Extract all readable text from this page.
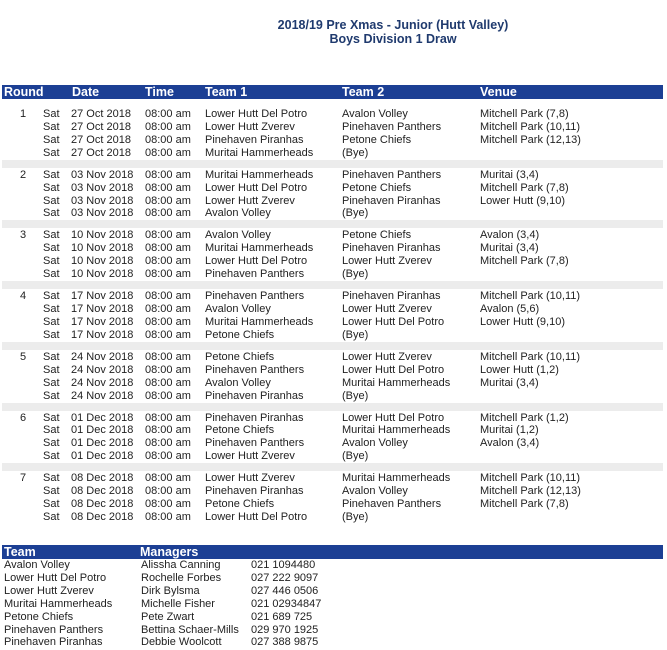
2018/19 Pre Xmas - Junior (Hutt Valley)
Boys Division 1 Draw
Round Date	Time Team 1	Team 2	Venue
1 Sat 27 Oct 2018 08:00 am Lower Hutt Del Potro	Avalon Volley	Mitchell Park (7,8)
Sat 27 Oct 2018 08:00 am Lower Hutt Zverev	Pinehaven Panthers	Mitchell Park (10,11)
Sat 27 Oct 2018 08:00 am Pinehaven Piranhas	Petone Chiefs	Mitchell Park (12,13)
Sat 27 Oct 2018 08:00 am Muritai Hammerheads	(Bye)
2 Sat 03 Nov 2018 08:00 am Muritai Hammerheads	Pinehaven Panthers	Muritai (3,4)
Sat 03 Nov 2018 08:00 am Lower Hutt Del Potro	Petone Chiefs	Mitchell Park (7,8)
Sat 03 Nov 2018 08:00 am Lower Hutt Zverev	Pinehaven Piranhas	Lower Hutt (9,10)
Sat 03 Nov 2018 08:00 am Avalon Volley	(Bye)
3 Sat 10 Nov 2018 08:00 am Avalon Volley	Petone Chiefs	Avalon (3,4)
Sat 10 Nov 2018 08:00 am Muritai Hammerheads	Pinehaven Piranhas	Muritai (3,4)
Sat 10 Nov 2018 08:00 am Lower Hutt Del Potro	Lower Hutt Zverev	Mitchell Park (7,8)
Sat 10 Nov 2018 08:00 am Pinehaven Panthers	(Bye)
4 Sat 17 Nov 2018 08:00 am Pinehaven Panthers	Pinehaven Piranhas	Mitchell Park (10,11)
Sat 17 Nov 2018 08:00 am Avalon Volley	Lower Hutt Zverev	Avalon (5,6)
Sat 17 Nov 2018 08:00 am Muritai Hammerheads	Lower Hutt Del Potro	Lower Hutt (9,10)
Sat 17 Nov 2018 08:00 am Petone Chiefs	(Bye)
5 Sat 24 Nov 2018 08:00 am Petone Chiefs	Lower Hutt Zverev	Mitchell Park (10,11)
Sat 24 Nov 2018 08:00 am Pinehaven Panthers	Lower Hutt Del Potro	Lower Hutt (1,2)
Sat 24 Nov 2018 08:00 am Avalon Volley	Muritai Hammerheads	Muritai (3,4)
Sat 24 Nov 2018 08:00 am Pinehaven Piranhas	(Bye)
6 Sat 01 Dec 2018 08:00 am Pinehaven Piranhas	Lower Hutt Del Potro	Mitchell Park (1,2)
Sat 01 Dec 2018 08:00 am Petone Chiefs	Muritai Hammerheads	Muritai (1,2)
Sat 01 Dec 2018 08:00 am Pinehaven Panthers	Avalon Volley	Avalon (3,4)
Sat 01 Dec 2018 08:00 am Lower Hutt Zverev	(Bye)
7 Sat 08 Dec 2018 08:00 am Lower Hutt Zverev	Muritai Hammerheads	Mitchell Park (10,11)
Sat 08 Dec 2018 08:00 am Pinehaven Piranhas	Avalon Volley	Mitchell Park (12,13)
Sat 08 Dec 2018 08:00 am Petone Chiefs	Pinehaven Panthers	Mitchell Park (7,8)
Sat 08 Dec 2018 08:00 am Lower Hutt Del Potro	(Bye)
Team	Managers
Avalon Volley	Alissha Canning	021 1094480
Lower Hutt Del Potro	Rochelle Forbes	027 222 9097
Lower Hutt Zverev	Dirk Bylsma	027 446 0506
Muritai Hammerheads	Michelle Fisher	021 02934847
Petone Chiefs	Pete Zwart	021 689 725
Pinehaven Panthers	Bettina Schaer-Mills 029 970 1925
Pinehaven Piranhas	Debbie Woolcott	027 388 9875
